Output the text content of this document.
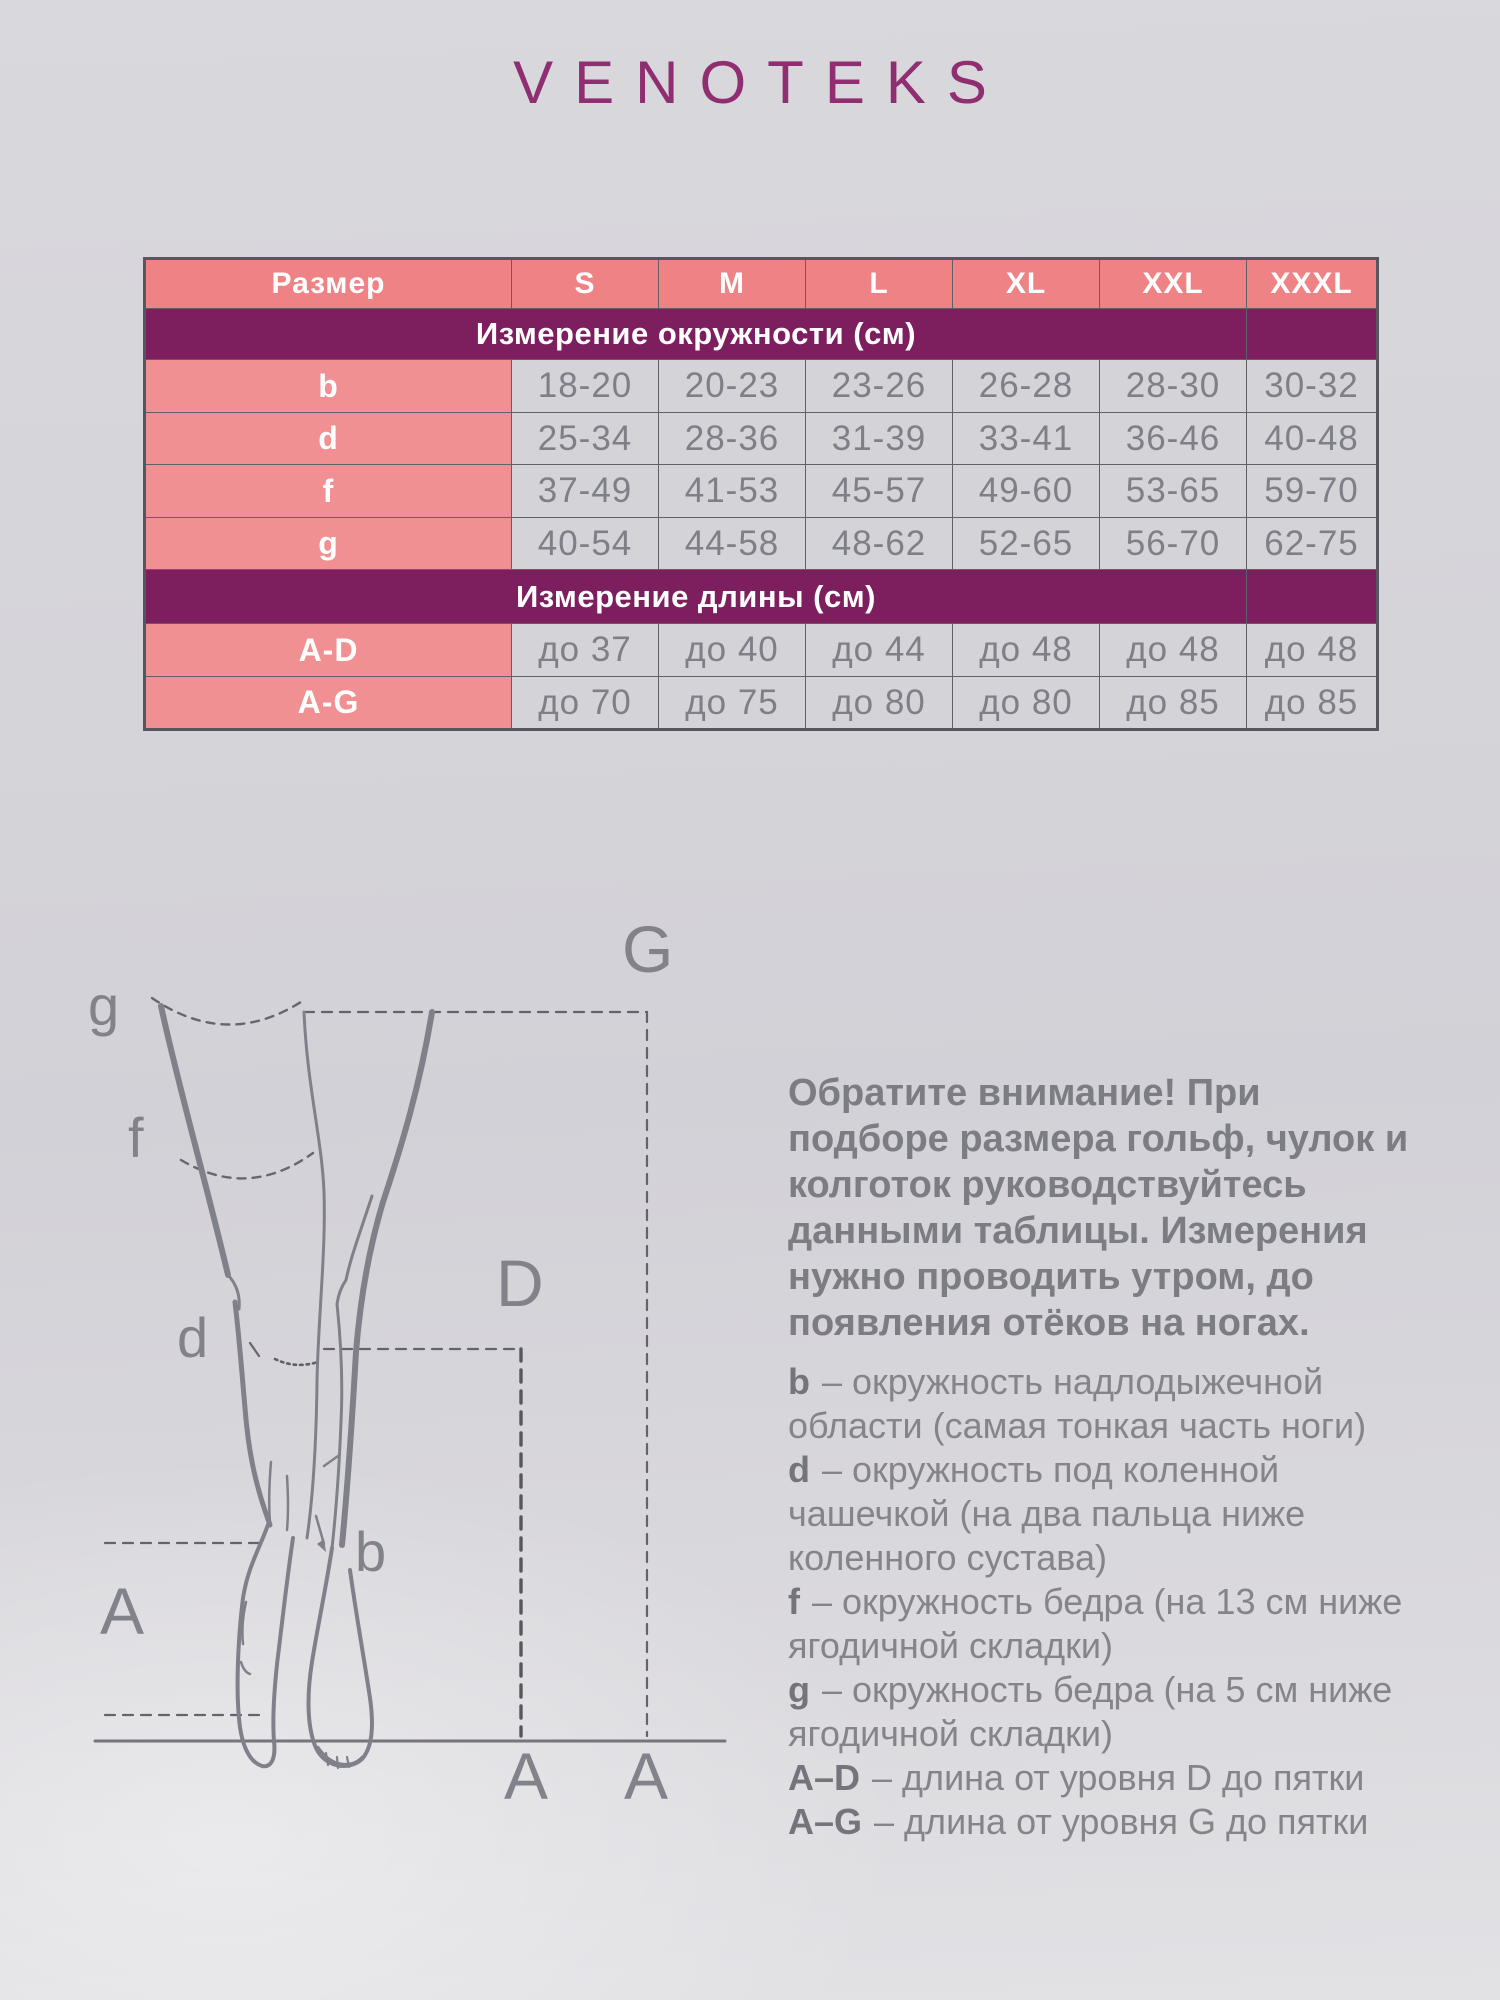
VENOTEKS
Размер	S	M	L	XL	XXL	XXXL
Измерение окружности (см)						
b	18-20	20-23	23-26	26-28	28-30	30-32
d	25-34	28-36	31-39	33-41	36-46	40-48
f	37-49	41-53	45-57	49-60	53-65	59-70
g	40-54	44-58	48-62	52-65	56-70	62-75
Измерение длины (см)						
A-D	до 37	до 40	до 44	до 48	до 48	до 48
A-G	до 70	до 75	до 80	до 80	до 85	до 85
g
f
d
b
A
D
G
A A
Обратите внимание! При подборе размера гольф, чулок и колготок руководствуйтесь данными таблицы. Измерения нужно проводить утром, до появления отёков на ногах.
b – окружность надлодыжечной области (самая тонкая часть ноги)
d – окружность под коленной чашечкой (на два пальца ниже коленного сустава)
f – окружность бедра (на 13 см ниже ягодичной складки)
g – окружность бедра (на 5 см ниже ягодичной складки)
A–D – длина от уровня D до пятки
A–G – длина от уровня G до пятки
